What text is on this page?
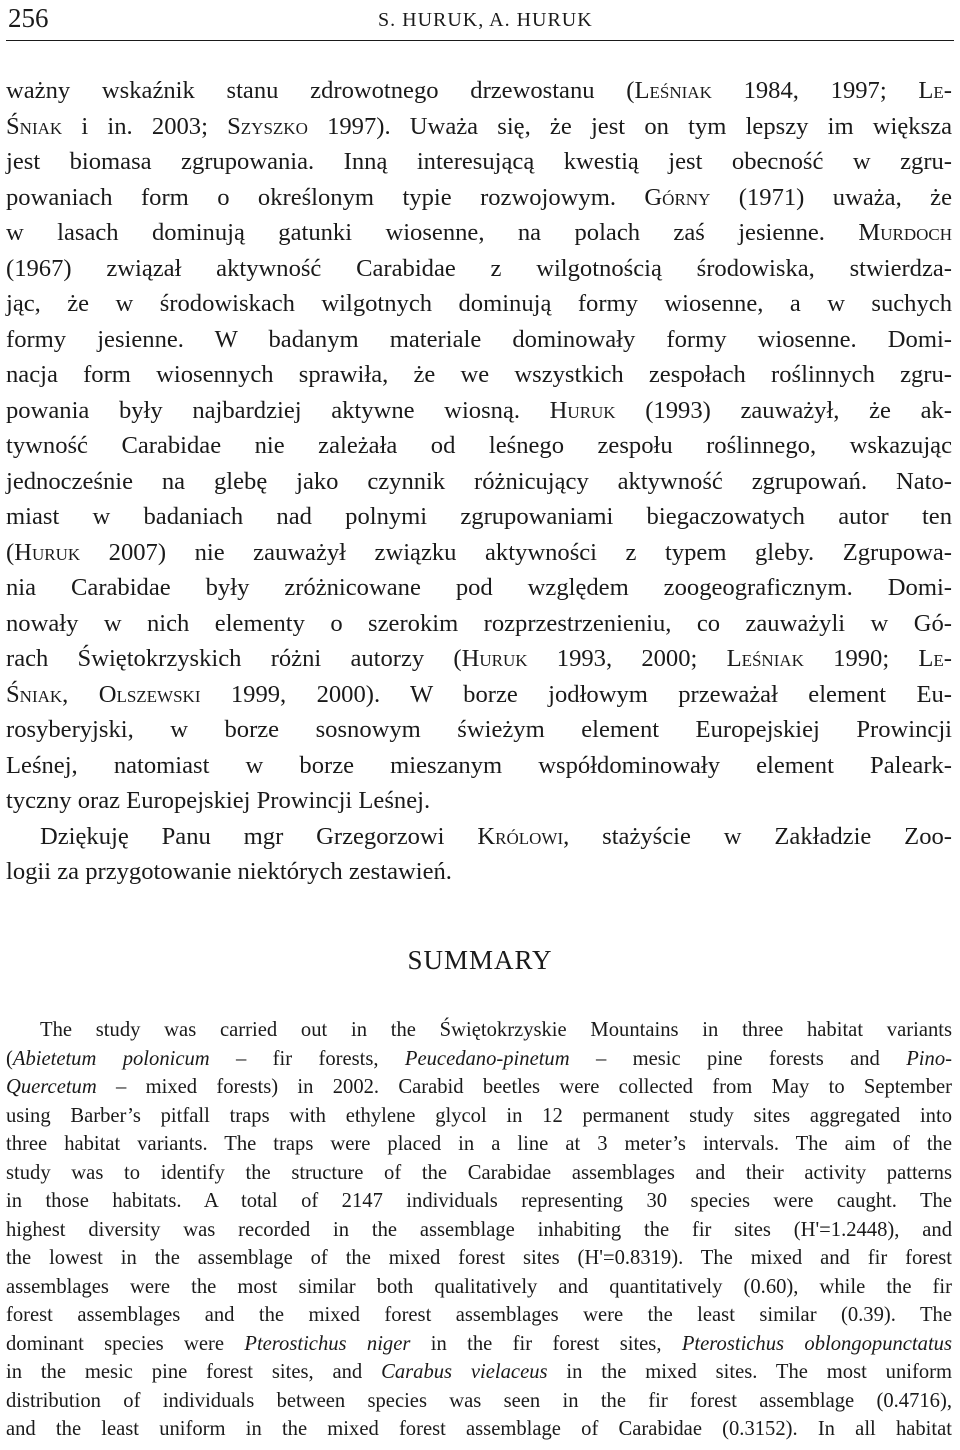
256	S. HURUK, A. HURUK
ważny wskaźnik stanu zdrowotnego drzewostanu (Leśniak 1984, 1997; Le-
Śniak i in. 2003; Szyszko 1997). Uważa się, że jest on tym lepszy im większa
jest biomasa zgrupowania. Inną interesującą kwestią jest obecność w zgru-
powaniach form o określonym typie rozwojowym. Górny (1971) uważa, że
w lasach dominują gatunki wiosenne, na polach zaś jesienne. Murdoch
(1967) związał aktywność Carabidae z wilgotnością środowiska, stwierdza-
jąc, że w środowiskach wilgotnych dominują formy wiosenne, a w suchych
formy jesienne. W badanym materiale dominowały formy wiosenne. Domi-
nacja form wiosennych sprawiła, że we wszystkich zespołach roślinnych zgru-
powania były najbardziej aktywne wiosną. Huruk (1993) zauważył, że ak-
tywność Carabidae nie zależała od leśnego zespołu roślinnego, wskazując
jednocześnie na glebę jako czynnik różnicujący aktywność zgrupowań. Nato-
miast w badaniach nad polnymi zgrupowaniami biegaczowatych autor ten
(Huruk 2007) nie zauważył związku aktywności z typem gleby. Zgrupowa-
nia Carabidae były zróżnicowane pod względem zoogeograficznym. Domi-
nowały w nich elementy o szerokim rozprzestrzenieniu, co zauważyli w Gó-
rach Świętokrzyskich różni autorzy (Huruk 1993, 2000; Leśniak 1990; Le-
Śniak, Olszewski 1999, 2000). W borze jodłowym przeważał element Eu-
rosyberyjski, w borze sosnowym świeżym element Europejskiej Prowincji
Leśnej, natomiast w borze mieszanym współdominowały element Paleark-
tyczny oraz Europejskiej Prowincji Leśnej.
Dziękuję Panu mgr Grzegorzowi Królowi, stażyście w Zakładzie Zoo-
logii za przygotowanie niektórych zestawień.
SUMMARY
The study was carried out in the Świętokrzyskie Mountains in three habitat variants
(Abietetum polonicum – fir forests, Peucedano-pinetum – mesic pine forests and Pino-
Quercetum – mixed forests) in 2002. Carabid beetles were collected from May to September
using Barber’s pitfall traps with ethylene glycol in 12 permanent study sites aggregated into
three habitat variants. The traps were placed in a line at 3 meter’s intervals. The aim of the
study was to identify the structure of the Carabidae assemblages and their activity patterns
in those habitats. A total of 2147 individuals representing 30 species were caught. The
highest diversity was recorded in the assemblage inhabiting the fir sites (H'=1.2448), and
the lowest in the assemblage of the mixed forest sites (H'=0.8319). The mixed and fir forest
assemblages were the most similar both qualitatively and quantitatively (0.60), while the fir
forest assemblages and the mixed forest assemblages were the least similar (0.39). The
dominant species were Pterostichus niger in the fir forest sites, Pterostichus oblongopunctatus
in the mesic pine forest sites, and Carabus vielaceus in the mixed sites. The most uniform
distribution of individuals between species was seen in the fir forest assemblage (0.4716),
and the least uniform in the mixed forest assemblage of Carabidae (0.3152). In all habitat
